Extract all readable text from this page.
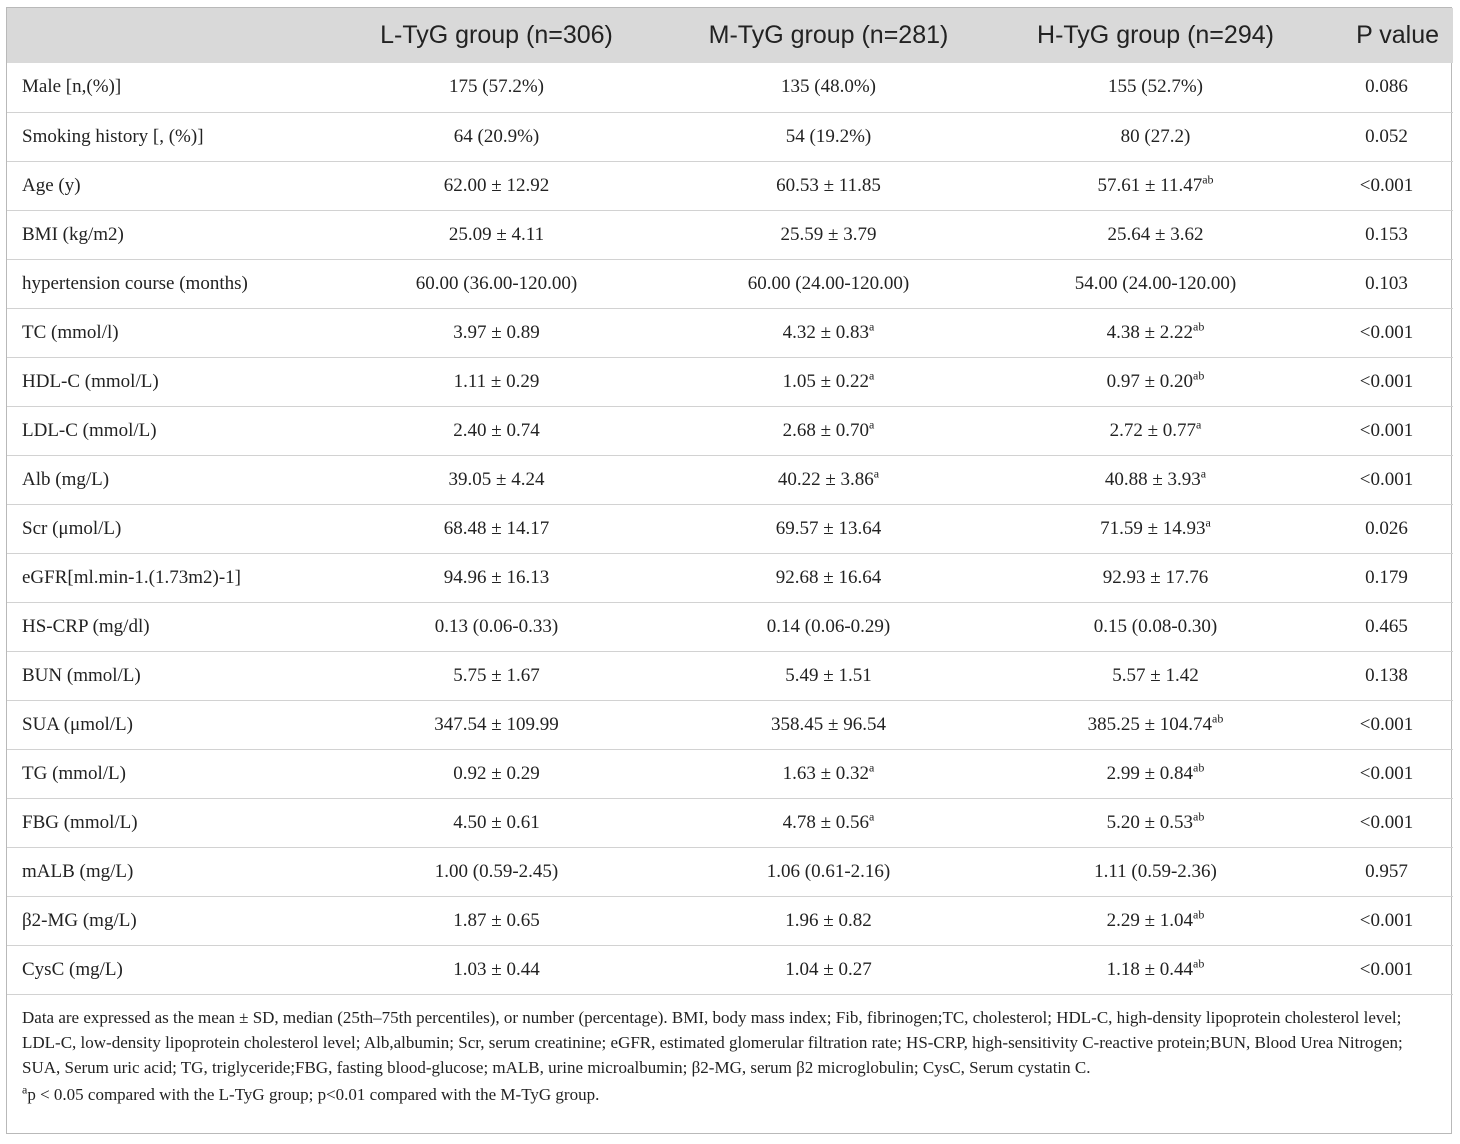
	L-TyG group (n=306)	M-TyG group (n=281)	H-TyG group (n=294)	P value
Male [n,(%)]	175 (57.2%)	135 (48.0%)	155 (52.7%)	0.086
Smoking history [, (%)]	64 (20.9%)	54 (19.2%)	80 (27.2)	0.052
Age (y)	62.00 ± 12.92	60.53 ± 11.85	57.61 ± 11.47$^{ab}$	<0.001
BMI (kg/m2)	25.09 ± 4.11	25.59 ± 3.79	25.64 ± 3.62	0.153
hypertension course (months)	60.00 (36.00-120.00)	60.00 (24.00-120.00)	54.00 (24.00-120.00)	0.103
TC (mmol/l)	3.97 ± 0.89	4.32 ± 0.83$^a$	4.38 ± 2.22$^{ab}$	<0.001
HDL-C (mmol/L)	1.11 ± 0.29	1.05 ± 0.22$^a$	0.97 ± 0.20$^{ab}$	<0.001
LDL-C (mmol/L)	2.40 ± 0.74	2.68 ± 0.70$^a$	2.72 ± 0.77$^a$	<0.001
Alb (mg/L)	39.05 ± 4.24	40.22 ± 3.86$^a$	40.88 ± 3.93$^a$	<0.001
Scr (μmol/L)	68.48 ± 14.17	69.57 ± 13.64	71.59 ± 14.93$^a$	0.026
eGFR[ml.min-1.(1.73m2)-1]	94.96 ± 16.13	92.68 ± 16.64	92.93 ± 17.76	0.179
HS-CRP (mg/dl)	0.13 (0.06-0.33)	0.14 (0.06-0.29)	0.15 (0.08-0.30)	0.465
BUN (mmol/L)	5.75 ± 1.67	5.49 ± 1.51	5.57 ± 1.42	0.138
SUA (μmol/L)	347.54 ± 109.99	358.45 ± 96.54	385.25 ± 104.74$^{ab}$	<0.001
TG (mmol/L)	0.92 ± 0.29	1.63 ± 0.32$^a$	2.99 ± 0.84$^{ab}$	<0.001
FBG (mmol/L)	4.50 ± 0.61	4.78 ± 0.56$^a$	5.20 ± 0.53$^{ab}$	<0.001
mALB (mg/L)	1.00 (0.59-2.45)	1.06 (0.61-2.16)	1.11 (0.59-2.36)	0.957
β2-MG (mg/L)	1.87 ± 0.65	1.96 ± 0.82	2.29 ± 1.04$^{ab}$	<0.001
CysC (mg/L)	1.03 ± 0.44	1.04 ± 0.27	1.18 ± 0.44$^{ab}$	<0.001

Data are expressed as the mean ± SD, median (25th–75th percentiles), or number (percentage). BMI, body mass index; Fib, fibrinogen;TC, cholesterol; HDL-C, high-density lipoprotein cholesterol level; LDL-C, low-density lipoprotein cholesterol level; Alb,albumin; Scr, serum creatinine; eGFR, estimated glomerular filtration rate; HS-CRP, high-sensitivity C-reactive protein;BUN, Blood Urea Nitrogen; SUA, Serum uric acid; TG, triglyceride;FBG, fasting blood-glucose; mALB, urine microalbumin; β2-MG, serum β2 microglobulin; CysC, Serum cystatin C.

$^a$p < 0.05 compared with the L-TyG group; p<0.01 compared with the M-TyG group.
